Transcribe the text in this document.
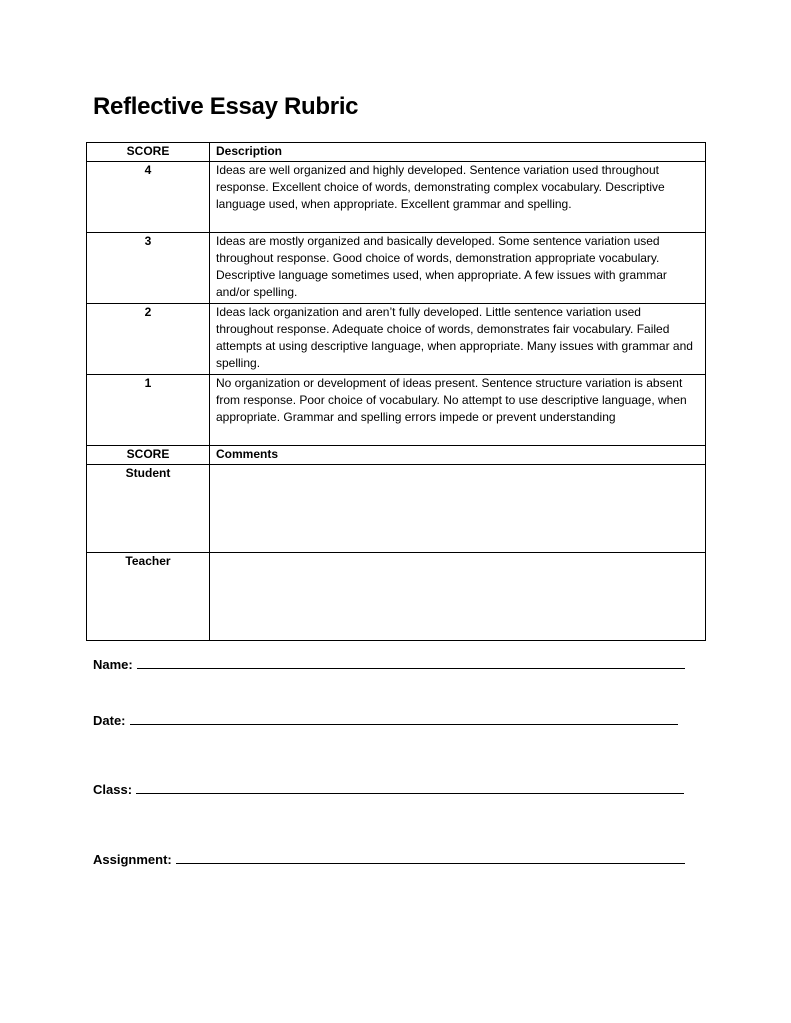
Reflective Essay Rubric
SCORE	Description
4	Ideas are well organized and highly developed. Sentence variation used throughout response. Excellent choice of words, demonstrating complex vocabulary. Descriptive language used, when appropriate. Excellent grammar and spelling.
3	Ideas are mostly organized and basically developed. Some sentence variation used throughout response. Good choice of words, demonstration appropriate vocabulary. Descriptive language sometimes used, when appropriate. A few issues with grammar and/or spelling.
2	Ideas lack organization and aren’t fully developed. Little sentence variation used throughout response. Adequate choice of words, demonstrates fair vocabulary. Failed attempts at using descriptive language, when appropriate. Many issues with grammar and spelling.
1	No organization or development of ideas present. Sentence structure variation is absent from response. Poor choice of vocabulary. No attempt to use descriptive language, when appropriate. Grammar and spelling errors impede or prevent understanding
SCORE	Comments
Student	
Teacher	
Name:
Date:
Class:
Assignment:
